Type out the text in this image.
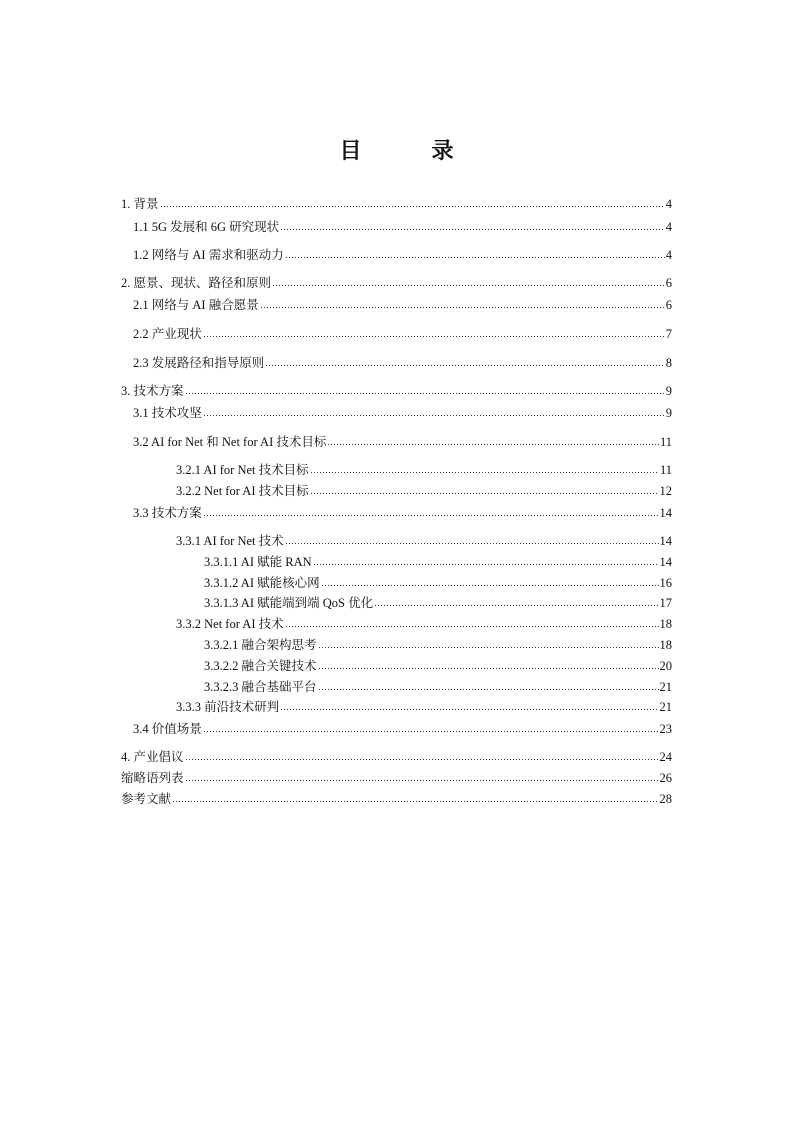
目　录
1. 背景	4
1.1 5G 发展和 6G 研究现状	4
1.2 网络与 AI 需求和驱动力	4
2. 愿景、现状、路径和原则	6
2.1 网络与 AI 融合愿景	6
2.2 产业现状	7
2.3 发展路径和指导原则	8
3. 技术方案	9
3.1 技术攻坚	9
3.2 AI for Net 和 Net for AI 技术目标	11
3.2.1 AI for Net 技术目标	11
3.2.2 Net for AI 技术目标	12
3.3 技术方案	14
3.3.1 AI for Net 技术	14
3.3.1.1 AI 赋能 RAN	14
3.3.1.2 AI 赋能核心网	16
3.3.1.3 AI 赋能端到端 QoS 优化	17
3.3.2 Net for AI 技术	18
3.3.2.1 融合架构思考	18
3.3.2.2 融合关键技术	20
3.3.2.3 融合基础平台	21
3.3.3 前沿技术研判	21
3.4 价值场景	23
4. 产业倡议	24
缩略语列表	26
参考文献	28
